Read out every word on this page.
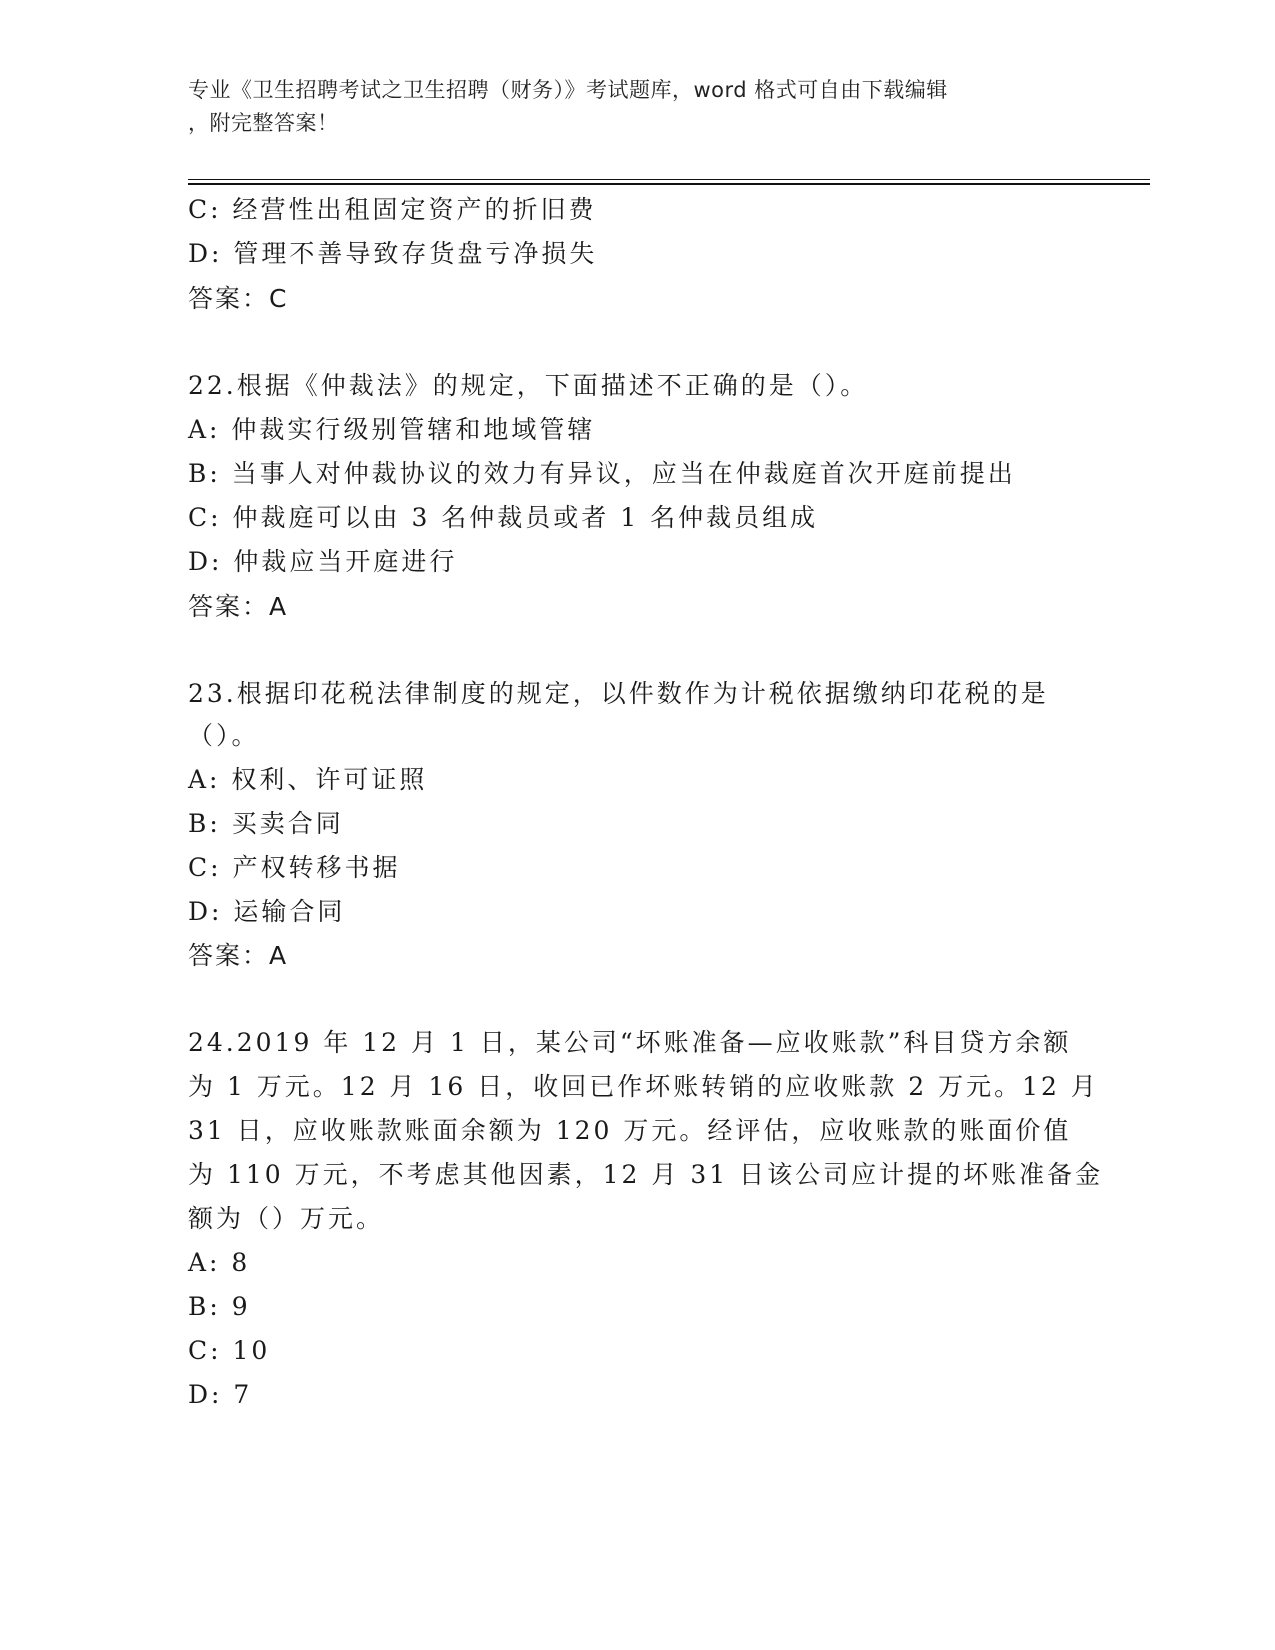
专业《卫生招聘考试之卫生招聘（财务）》考试题库，word 格式可自由下载编辑
，附完整答案！
C: 经营性出租固定资产的折旧费
D: 管理不善导致存货盘亏净损失
答案：C
22.根据《仲裁法》的规定，下面描述不正确的是（）。
A: 仲裁实行级别管辖和地域管辖
B: 当事人对仲裁协议的效力有异议，应当在仲裁庭首次开庭前提出
C: 仲裁庭可以由 3 名仲裁员或者 1 名仲裁员组成
D: 仲裁应当开庭进行
答案：A
23.根据印花税法律制度的规定，以件数作为计税依据缴纳印花税的是
（）。
A: 权利、许可证照
B: 买卖合同
C: 产权转移书据
D: 运输合同
答案：A
24.2019 年 12 月 1 日，某公司“坏账准备—应收账款”科目贷方余额
为 1 万元。12 月 16 日，收回已作坏账转销的应收账款 2 万元。12 月
31 日，应收账款账面余额为 120 万元。经评估，应收账款的账面价值
为 110 万元，不考虑其他因素，12 月 31 日该公司应计提的坏账准备金
额为（）万元。
A: 8
B: 9
C: 10
D: 7
